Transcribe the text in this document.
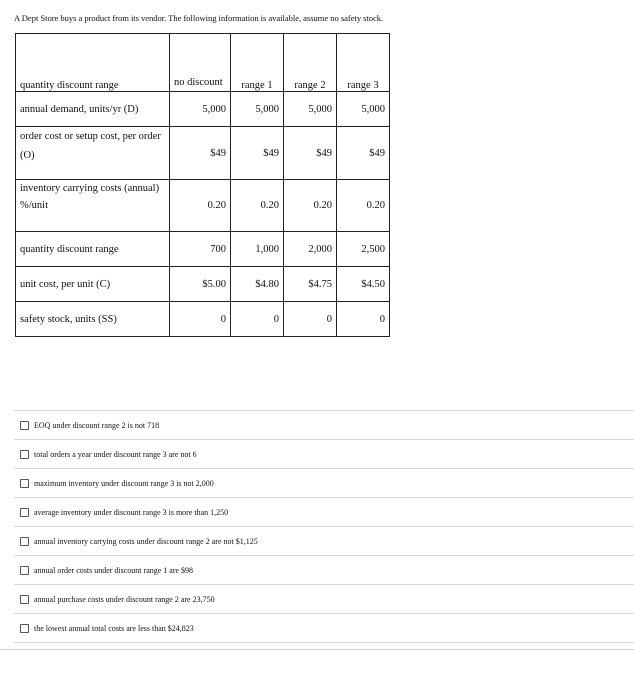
A Dept Store buys a product from its vendor. The following information is available, assume no safety stock.
quantity discount range	no discount	range 1	range 2	range 3
annual demand, units/yr (D)	5,000	5,000	5,000	5,000
order cost or setup cost, per order (O)	$49	$49	$49	$49
inventory carrying costs (annual) %/unit	0.20	0.20	0.20	0.20
quantity discount range	700	1,000	2,000	2,500
unit cost, per unit (C)	$5.00	$4.80	$4.75	$4.50
safety stock, units (SS)	0	0	0	0
EOQ under discount range 2 is not 718
total orders a year under discount range 3 are not 6
maximum inventory under discount range 3 is not 2,000
average inventory under discount range 3 is more than 1,250
annual inventory carrying costs under discount range 2 are not $1,125
annual order costs under discount range 1 are $98
annual purchase costs under discount range 2 are 23,750
the lowest annual total costs are less than $24,823
